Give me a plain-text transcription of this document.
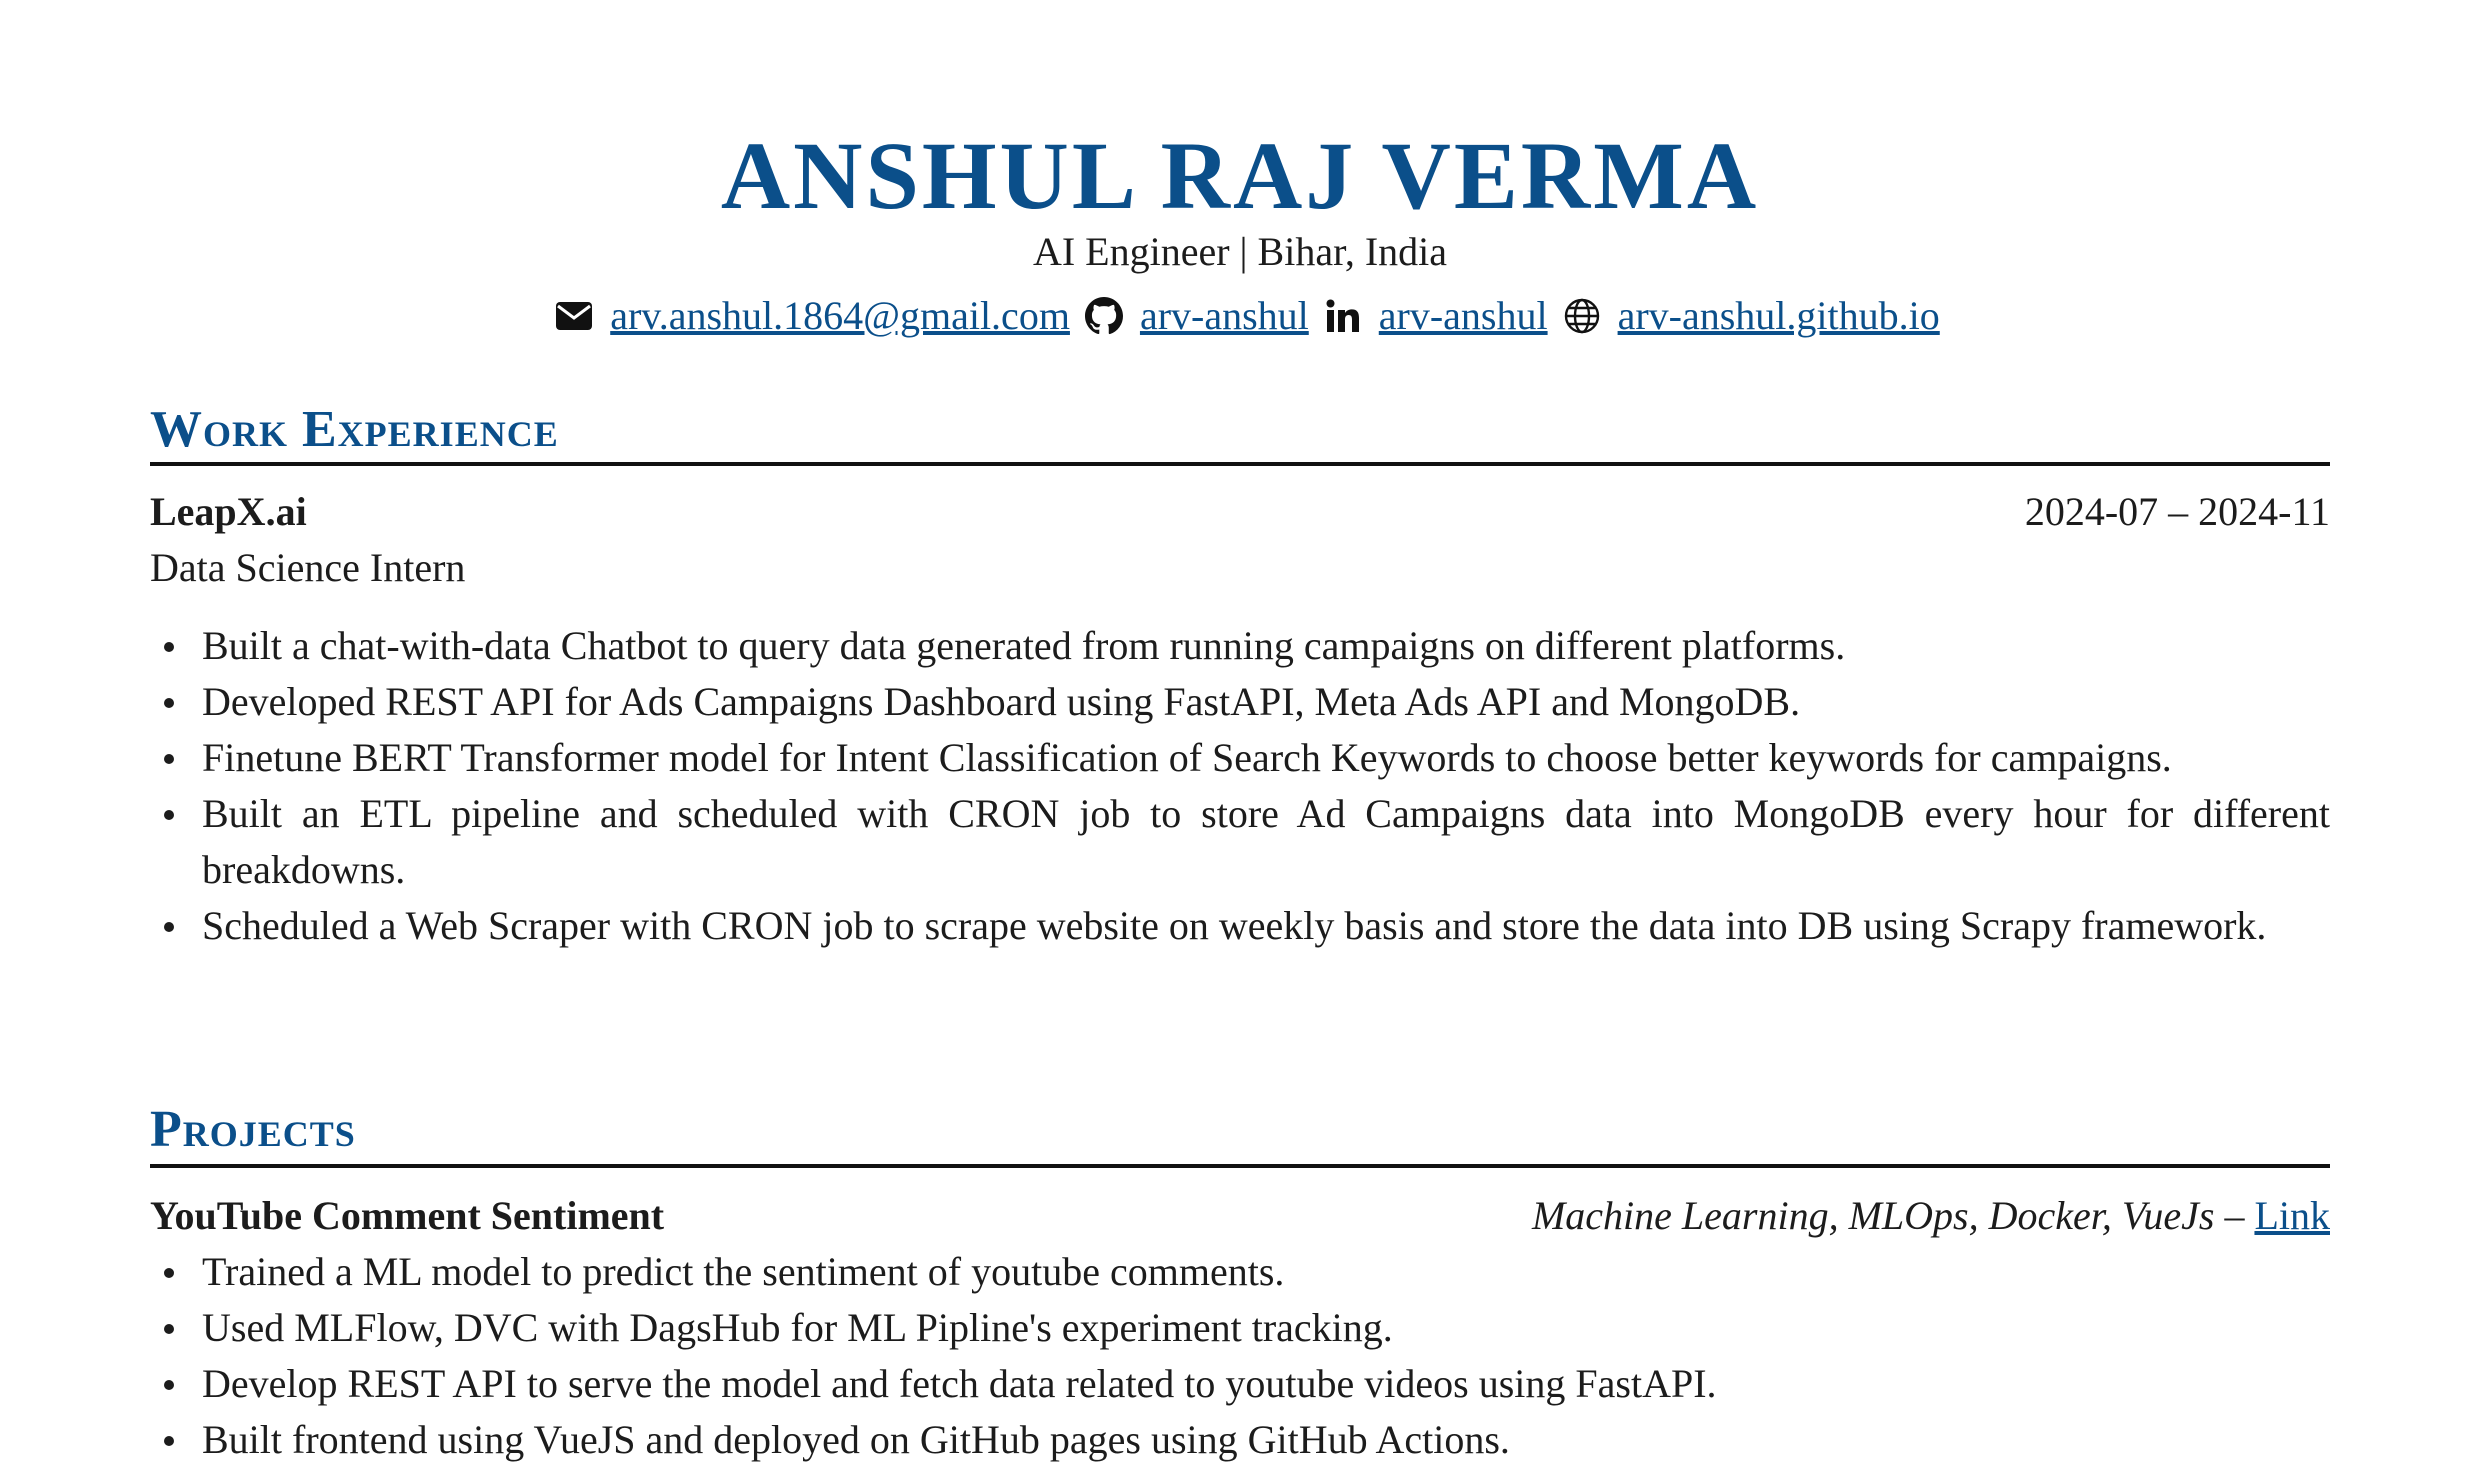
ANSHUL RAJ VERMA
AI Engineer | Bihar, India
arv.anshul.1864@gmail.com arv-anshul arv-anshul arv-anshul.github.io
Work Experience
LeapX.ai	2024-07 – 2024-11
Data Science Intern
Built a chat-with-data Chatbot to query data generated from running campaigns on different platforms.
Developed REST API for Ads Campaigns Dashboard using FastAPI, Meta Ads API and MongoDB.
Finetune BERT Transformer model for Intent Classification of Search Keywords to choose better keywords for campaigns.
Built an ETL pipeline and scheduled with CRON job to store Ad Campaigns data into MongoDB every hour for different breakdowns.
Scheduled a Web Scraper with CRON job to scrape website on weekly basis and store the data into DB using Scrapy framework.
Projects
YouTube Comment Sentiment	Machine Learning, MLOps, Docker, VueJs – Link
Trained a ML model to predict the sentiment of youtube comments.
Used MLFlow, DVC with DagsHub for ML Pipline's experiment tracking.
Develop REST API to serve the model and fetch data related to youtube videos using FastAPI.
Built frontend using VueJS and deployed on GitHub pages using GitHub Actions.
